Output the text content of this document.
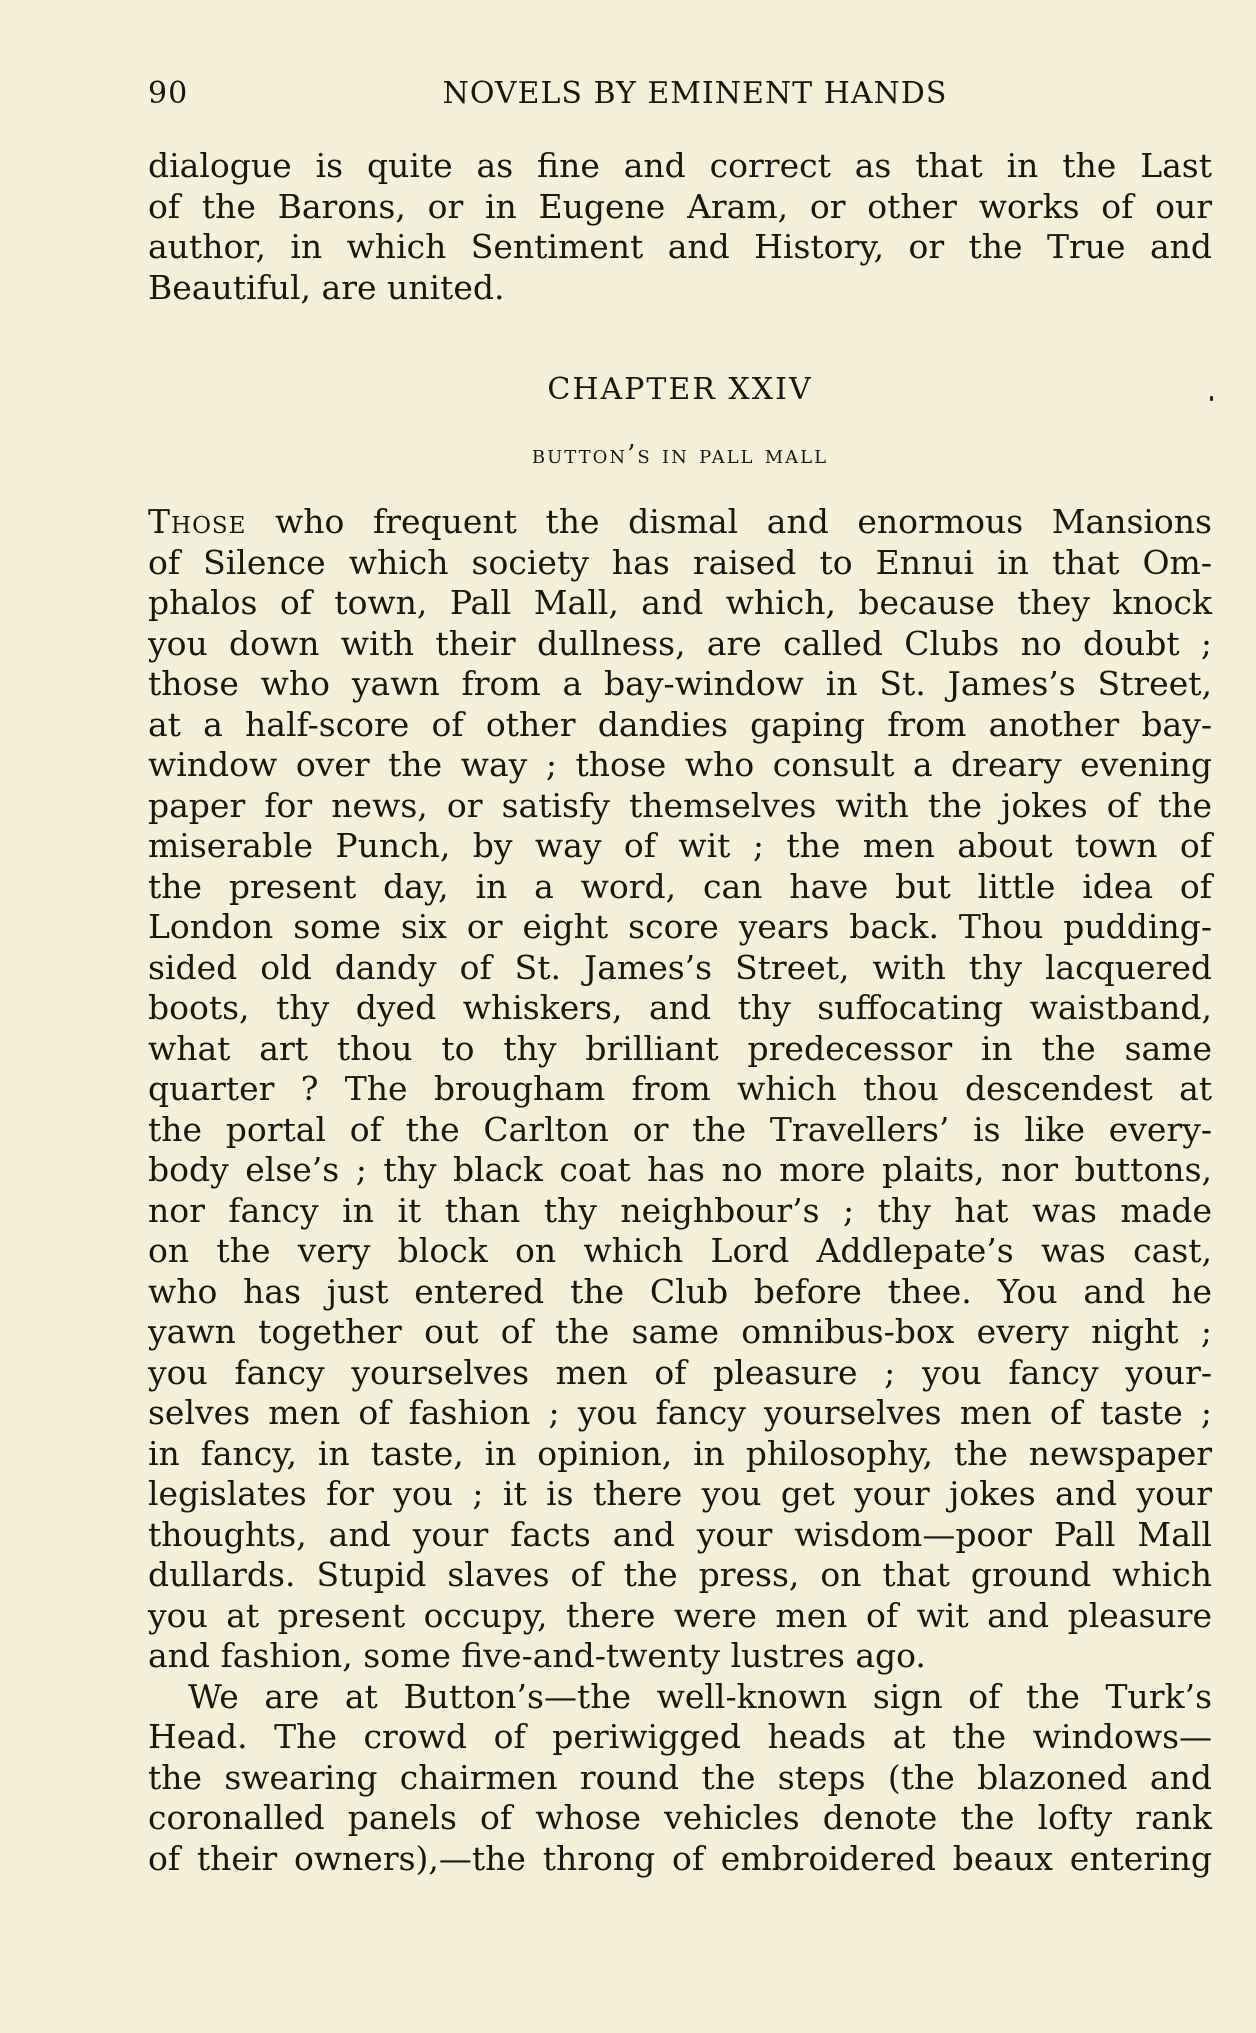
90	NOVELS BY EMINENT HANDS
dialogue is quite as fine and correct as that in the Last
of the Barons, or in Eugene Aram, or other works of our
author, in which Sentiment and History, or the True and
Beautiful, are united.
CHAPTER XXIV
button’s in pall mall
Those who frequent the dismal and enormous Mansions
of Silence which society has raised to Ennui in that Om-
phalos of town, Pall Mall, and which, because they knock
you down with their dullness, are called Clubs no doubt ;
those who yawn from a bay-window in St. James’s Street,
at a half-score of other dandies gaping from another bay-
window over the way ; those who consult a dreary evening
paper for news, or satisfy themselves with the jokes of the
miserable Punch, by way of wit ; the men about town of
the present day, in a word, can have but little idea of
London some six or eight score years back. Thou pudding-
sided old dandy of St. James’s Street, with thy lacquered
boots, thy dyed whiskers, and thy suffocating waistband,
what art thou to thy brilliant predecessor in the same
quarter ? The brougham from which thou descendest at
the portal of the Carlton or the Travellers’ is like every-
body else’s ; thy black coat has no more plaits, nor buttons,
nor fancy in it than thy neighbour’s ; thy hat was made
on the very block on which Lord Addlepate’s was cast,
who has just entered the Club before thee. You and he
yawn together out of the same omnibus-box every night ;
you fancy yourselves men of pleasure ; you fancy your-
selves men of fashion ; you fancy yourselves men of taste ;
in fancy, in taste, in opinion, in philosophy, the newspaper
legislates for you ; it is there you get your jokes and your
thoughts, and your facts and your wisdom—poor Pall Mall
dullards. Stupid slaves of the press, on that ground which
you at present occupy, there were men of wit and pleasure
and fashion, some five-and-twenty lustres ago.
We are at Button’s—the well-known sign of the Turk’s
Head. The crowd of periwigged heads at the windows—
the swearing chairmen round the steps (the blazoned and
coronalled panels of whose vehicles denote the lofty rank
of their owners),—the throng of embroidered beaux entering
